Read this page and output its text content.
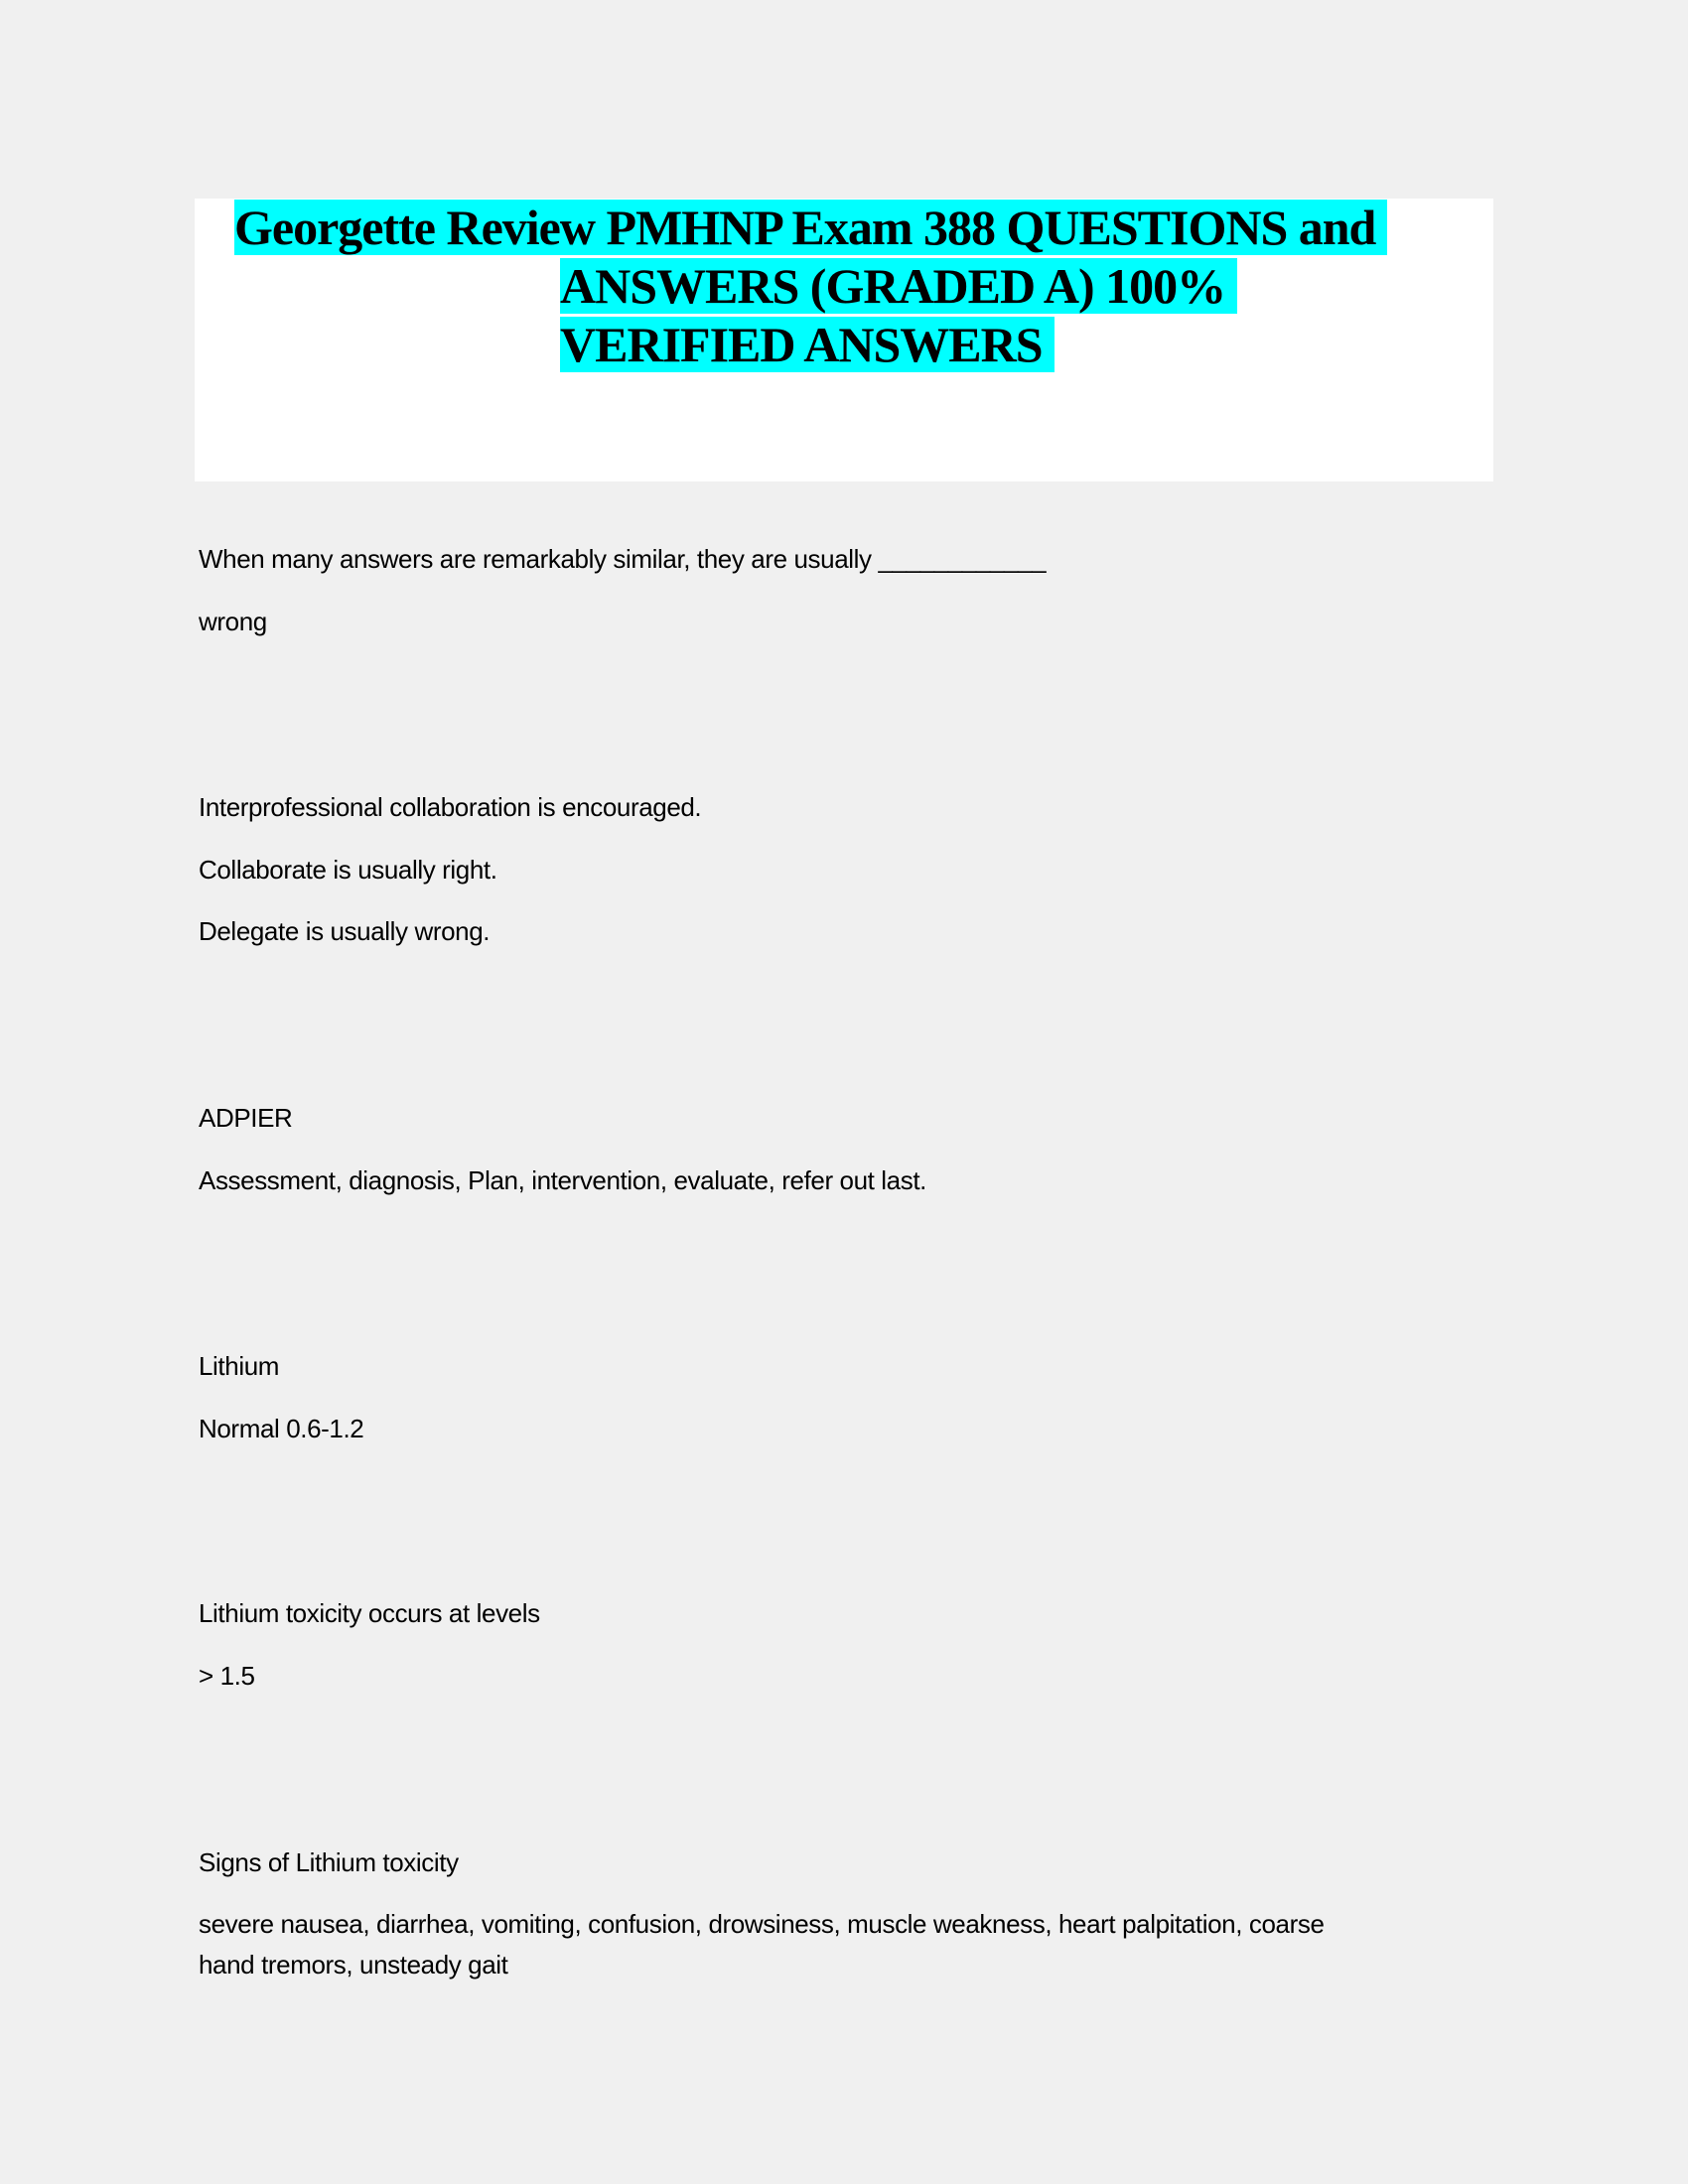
Georgette Review PMHNP Exam 388 QUESTIONS and
ANSWERS (GRADED A) 100%
VERIFIED ANSWERS
When many answers are remarkably similar, they are usually ____________
wrong
Interprofessional collaboration is encouraged.
Collaborate is usually right.
Delegate is usually wrong.
ADPIER
Assessment, diagnosis, Plan, intervention, evaluate, refer out last.
Lithium
Normal 0.6-1.2
Lithium toxicity occurs at levels
> 1.5
Signs of Lithium toxicity
severe nausea, diarrhea, vomiting, confusion, drowsiness, muscle weakness, heart palpitation, coarse
hand tremors, unsteady gait
